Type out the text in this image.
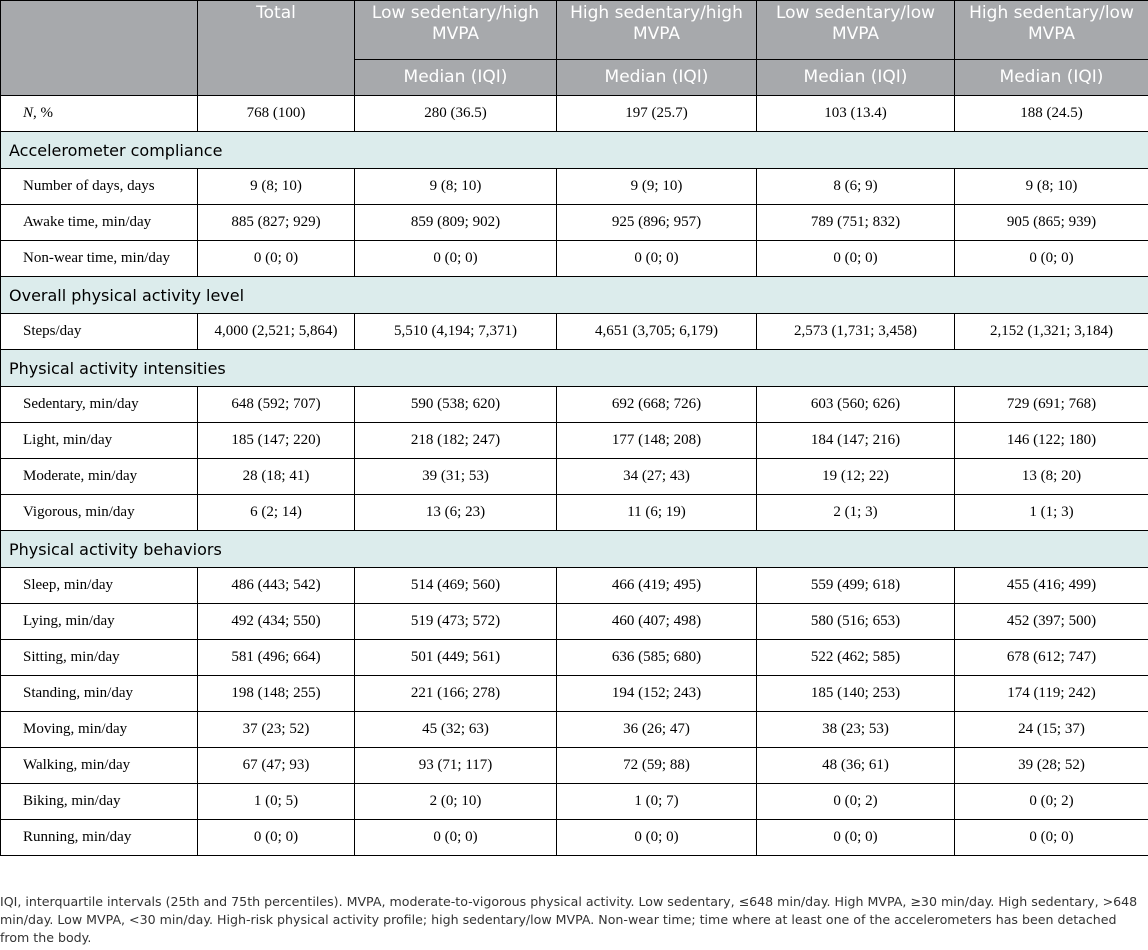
	Total	Low sedentary/high MVPA	High sedentary/high MVPA	Low sedentary/low MVPA	High sedentary/low MVPA
		Median (IQI)	Median (IQI)	Median (IQI)	Median (IQI)
N, %	768 (100)	280 (36.5)	197 (25.7)	103 (13.4)	188 (24.5)
Accelerometer compliance					
Number of days, days	9 (8; 10)	9 (8; 10)	9 (9; 10)	8 (6; 9)	9 (8; 10)
Awake time, min/day	885 (827; 929)	859 (809; 902)	925 (896; 957)	789 (751; 832)	905 (865; 939)
Non-wear time, min/day	0 (0; 0)	0 (0; 0)	0 (0; 0)	0 (0; 0)	0 (0; 0)
Overall physical activity level					
Steps/day	4,000 (2,521; 5,864)	5,510 (4,194; 7,371)	4,651 (3,705; 6,179)	2,573 (1,731; 3,458)	2,152 (1,321; 3,184)
Physical activity intensities					
Sedentary, min/day	648 (592; 707)	590 (538; 620)	692 (668; 726)	603 (560; 626)	729 (691; 768)
Light, min/day	185 (147; 220)	218 (182; 247)	177 (148; 208)	184 (147; 216)	146 (122; 180)
Moderate, min/day	28 (18; 41)	39 (31; 53)	34 (27; 43)	19 (12; 22)	13 (8; 20)
Vigorous, min/day	6 (2; 14)	13 (6; 23)	11 (6; 19)	2 (1; 3)	1 (1; 3)
Physical activity behaviors					
Sleep, min/day	486 (443; 542)	514 (469; 560)	466 (419; 495)	559 (499; 618)	455 (416; 499)
Lying, min/day	492 (434; 550)	519 (473; 572)	460 (407; 498)	580 (516; 653)	452 (397; 500)
Sitting, min/day	581 (496; 664)	501 (449; 561)	636 (585; 680)	522 (462; 585)	678 (612; 747)
Standing, min/day	198 (148; 255)	221 (166; 278)	194 (152; 243)	185 (140; 253)	174 (119; 242)
Moving, min/day	37 (23; 52)	45 (32; 63)	36 (26; 47)	38 (23; 53)	24 (15; 37)
Walking, min/day	67 (47; 93)	93 (71; 117)	72 (59; 88)	48 (36; 61)	39 (28; 52)
Biking, min/day	1 (0; 5)	2 (0; 10)	1 (0; 7)	0 (0; 2)	0 (0; 2)
Running, min/day	0 (0; 0)	0 (0; 0)	0 (0; 0)	0 (0; 0)	0 (0; 0)

IQI, interquartile intervals (25th and 75th percentiles). MVPA, moderate-to-vigorous physical activity. Low sedentary, ≤648 min/day. High MVPA, ≥30 min/day. High sedentary, >648 min/day. Low MVPA, <30 min/day. High-risk physical activity profile; high sedentary/low MVPA. Non-wear time; time where at least one of the accelerometers has been detached from the body.
